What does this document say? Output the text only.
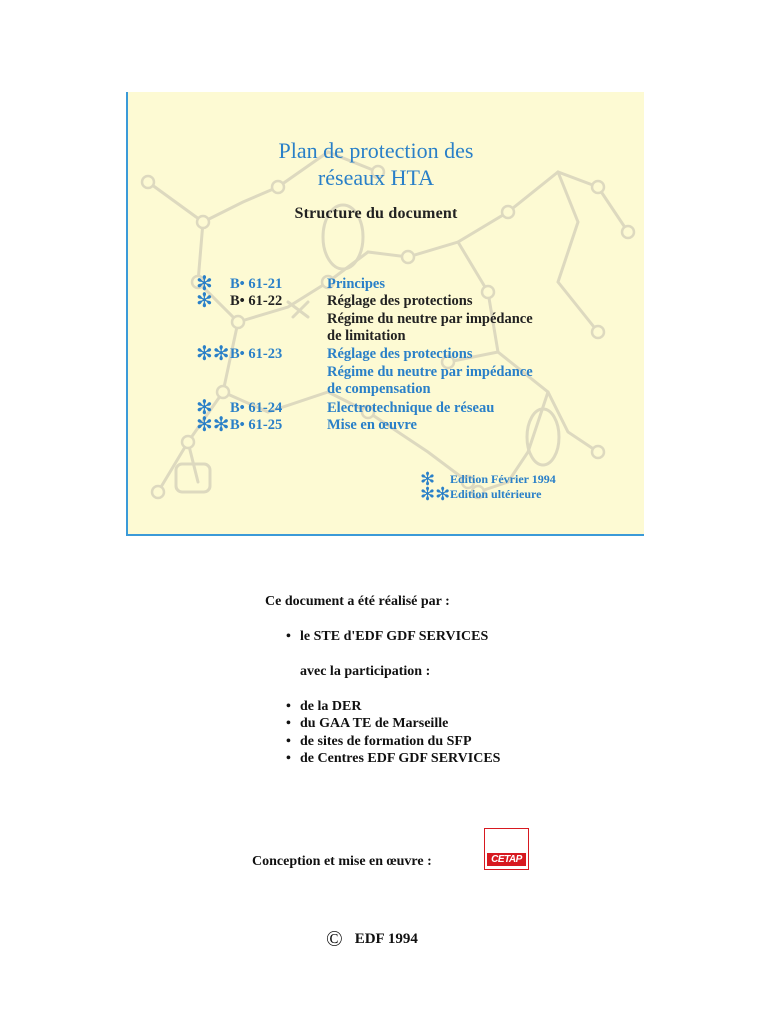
Plan de protection des
réseaux HTA
Structure du document
✻	B• 61-21	Principes
✻	B• 61-22	Réglage des protections
Régime du neutre par impédance
de limitation
✻✻ B• 61-23	Réglage des protections
Régime du neutre par impédance
de compensation
✻	B• 61-24	Electrotechnique de réseau
✻✻ B• 61-25	Mise en œuvre
✻	Edition Février 1994
✻✻ Edition ultérieure
Ce document a été réalisé par :
• le STE d'EDF GDF SERVICES
avec la participation :
• de la DER
• du GAA TE de Marseille
• de sites de formation du SFP
• de Centres EDF GDF SERVICES
Conception et mise en œuvre :	CETAP
© EDF 1994
